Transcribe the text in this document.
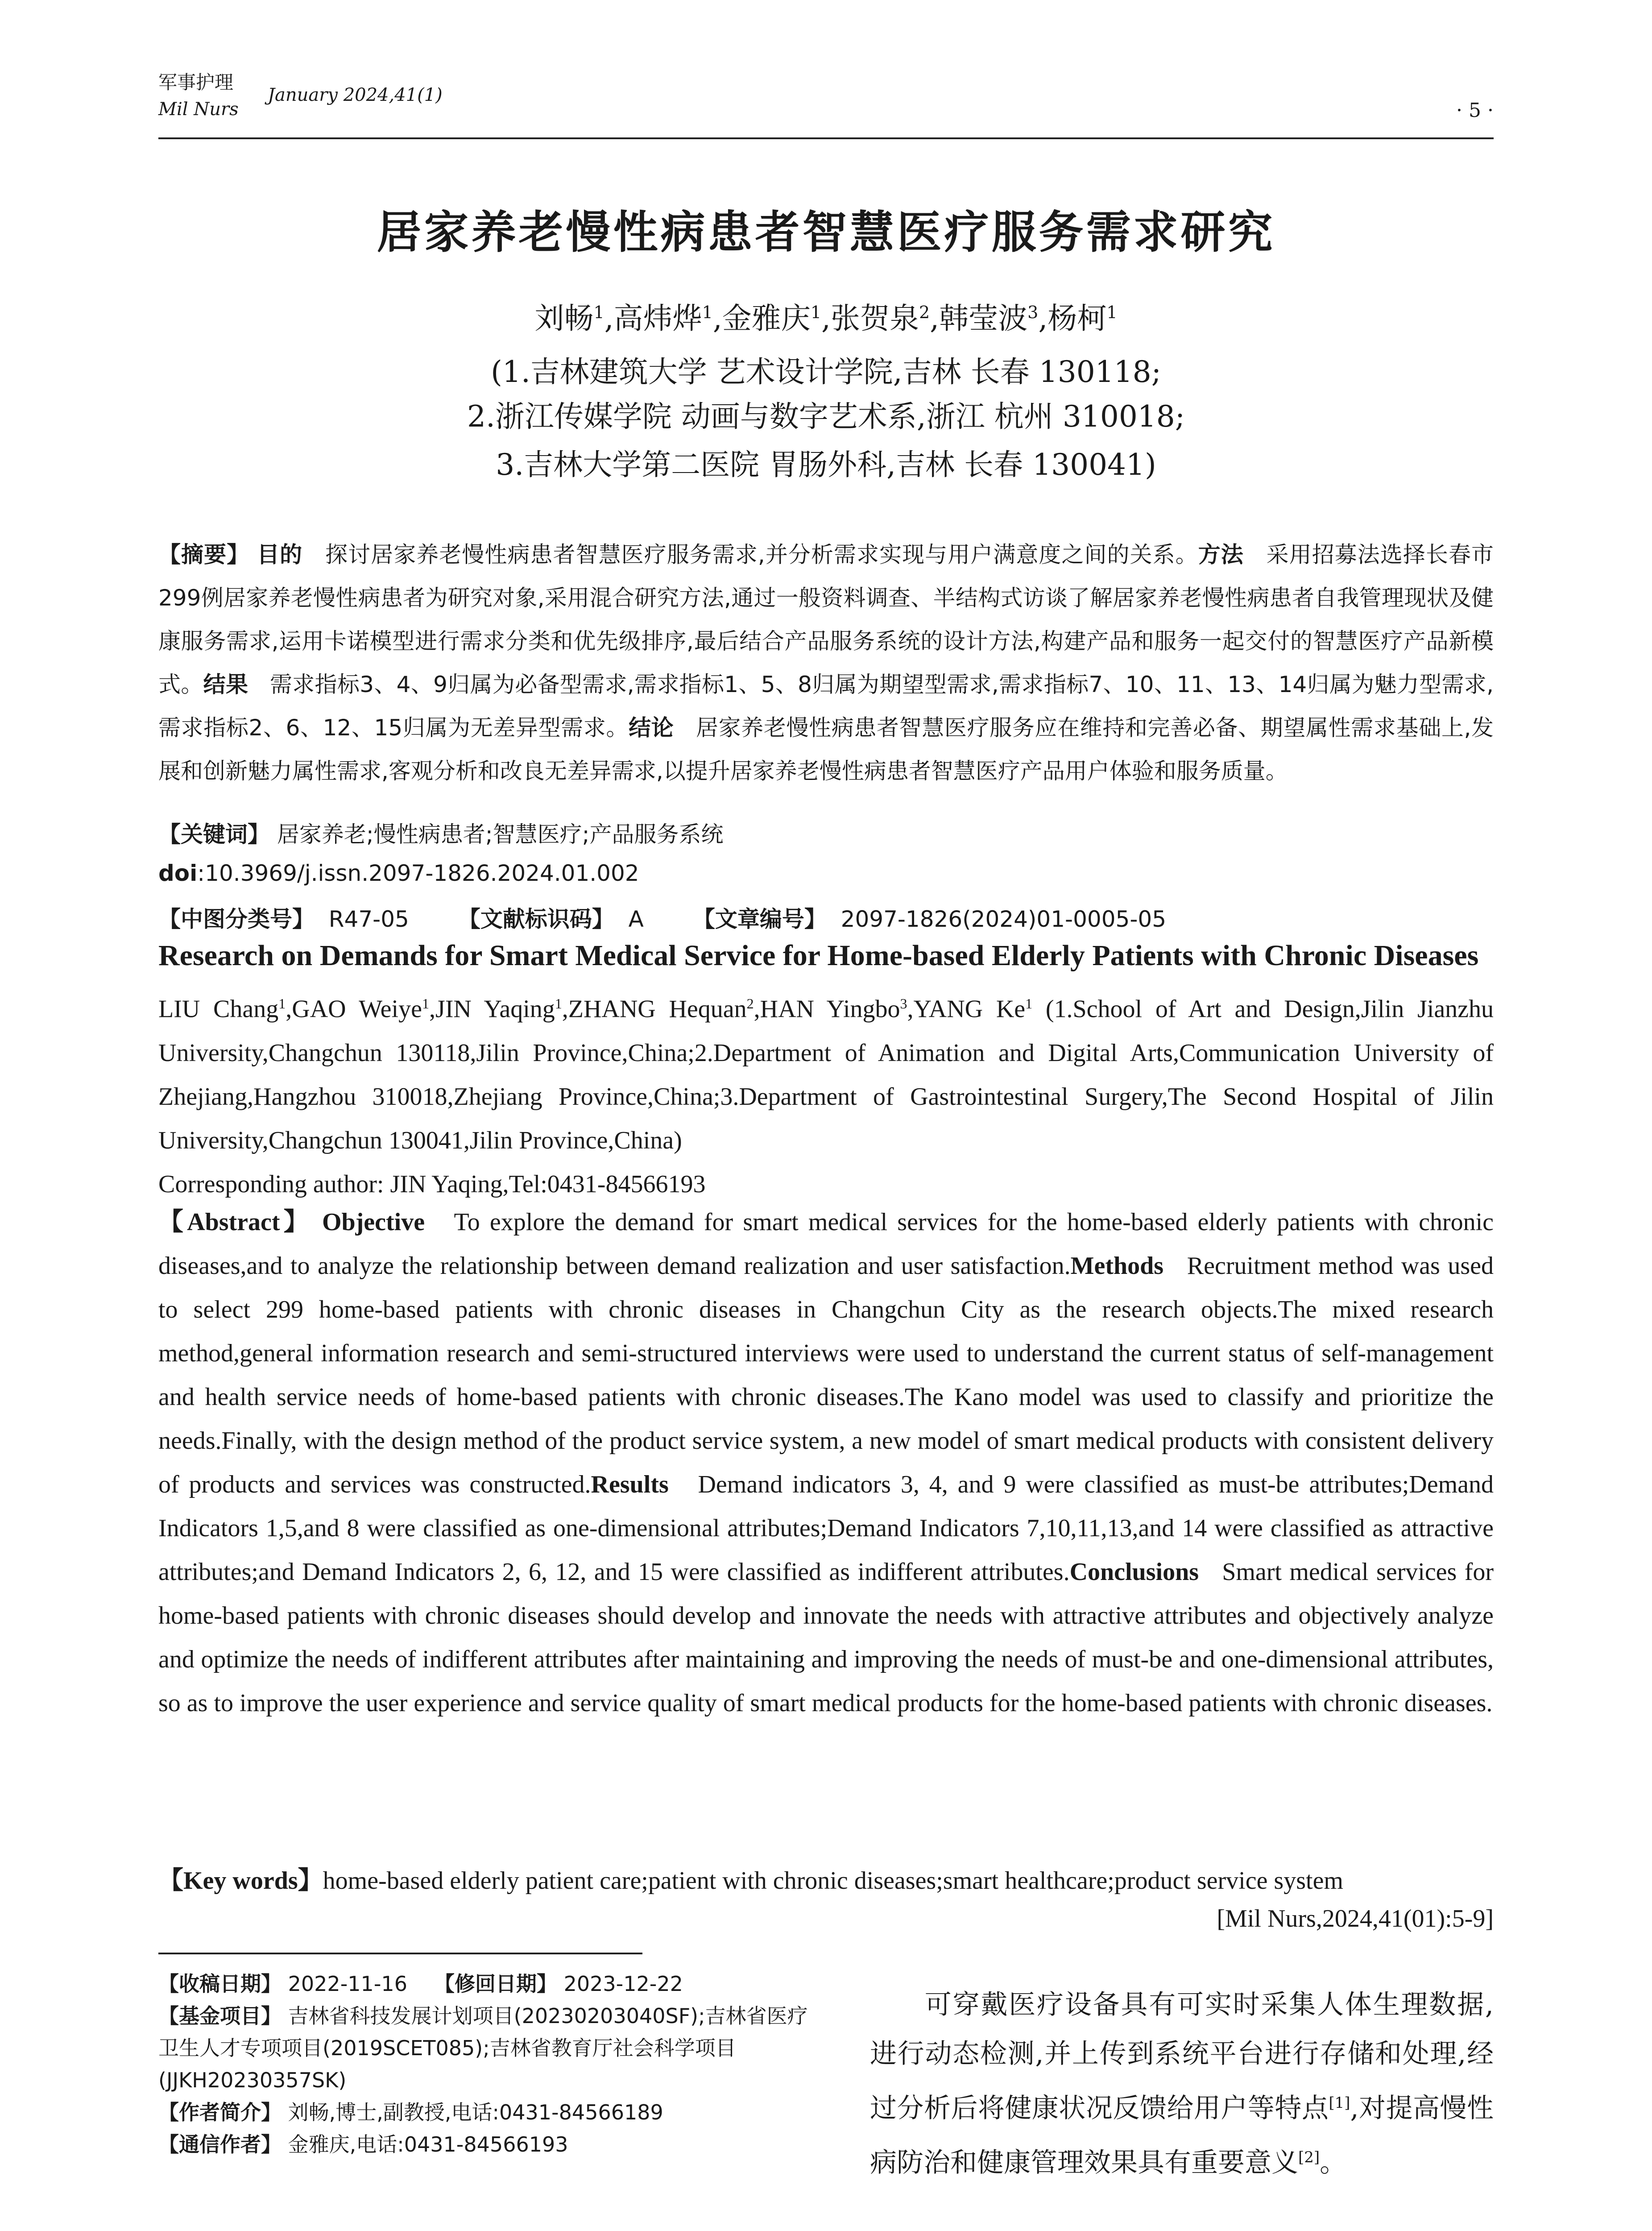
军事护理
Mil Nurs
January 2024,41(1)
· 5 ·
居家养老慢性病患者智慧医疗服务需求研究
刘畅$^1$,高炜烨$^1$,金雅庆$^1$,张贺泉$^2$,韩莹波$^3$,杨柯$^1$
(1.吉林建筑大学 艺术设计学院,吉林 长春 130118;
2.浙江传媒学院 动画与数字艺术系,浙江 杭州 310018;
3.吉林大学第二医院 胃肠外科,吉林 长春 130041)
【摘要】 目的 探讨居家养老慢性病患者智慧医疗服务需求,并分析需求实现与用户满意度之间的关系。方法 采用招募法选择长春市299例居家养老慢性病患者为研究对象,采用混合研究方法,通过一般资料调查、半结构式访谈了解居家养老慢性病患者自我管理现状及健康服务需求,运用卡诺模型进行需求分类和优先级排序,最后结合产品服务系统的设计方法,构建产品和服务一起交付的智慧医疗产品新模式。结果 需求指标3、4、9归属为必备型需求,需求指标1、5、8归属为期望型需求,需求指标7、10、11、13、14归属为魅力型需求,需求指标2、6、12、15归属为无差异型需求。结论 居家养老慢性病患者智慧医疗服务应在维持和完善必备、期望属性需求基础上,发展和创新魅力属性需求,客观分析和改良无差异需求,以提升居家养老慢性病患者智慧医疗产品用户体验和服务质量。
【关键词】 居家养老;慢性病患者;智慧医疗;产品服务系统
doi:10.3969/j.issn.2097-1826.2024.01.002
【中图分类号】 R47-05 【文献标识码】 A 【文章编号】 2097-1826(2024)01-0005-05
Research on Demands for Smart Medical Service for Home-based Elderly Patients with Chronic Diseases
LIU Chang$^1$,GAO Weiye$^1$,JIN Yaqing$^1$,ZHANG Hequan$^2$,HAN Yingbo$^3$,YANG Ke$^1$ (1.School of Art and Design,Jilin Jianzhu University,Changchun 130118,Jilin Province,China;2.Department of Animation and Digital Arts,Communication University of Zhejiang,Hangzhou 310018,Zhejiang Province,China;3.Department of Gastrointestinal Surgery,The Second Hospital of Jilin University,Changchun 130041,Jilin Province,China)
Corresponding author: JIN Yaqing,Tel:0431-84566193
【Abstract】 Objective To explore the demand for smart medical services for the home-based elderly patients with chronic diseases,and to analyze the relationship between demand realization and user satisfaction.Methods Recruitment method was used to select 299 home-based patients with chronic diseases in Changchun City as the research objects.The mixed research method,general information research and semi-structured interviews were used to understand the current status of self-management and health service needs of home-based patients with chronic diseases.The Kano model was used to classify and prioritize the needs.Finally, with the design method of the product service system, a new model of smart medical products with consistent delivery of products and services was constructed.Results Demand indicators 3, 4, and 9 were classified as must-be attributes;Demand Indicators 1,5,and 8 were classified as one-dimensional attributes;Demand Indicators 7,10,11,13,and 14 were classified as attractive attributes;and Demand Indicators 2, 6, 12, and 15 were classified as indifferent attributes.Conclusions Smart medical services for home-based patients with chronic diseases should develop and innovate the needs with attractive attributes and objectively analyze and optimize the needs of indifferent attributes after maintaining and improving the needs of must-be and one-dimensional attributes, so as to improve the user experience and service quality of smart medical products for the home-based patients with chronic diseases.
【Key words】home-based elderly patient care;patient with chronic diseases;smart healthcare;product service system
[Mil Nurs,2024,41(01):5-9]
【收稿日期】 2022-11-16 【修回日期】 2023-12-22
【基金项目】 吉林省科技发展计划项目(20230203040SF);吉林省医疗卫生人才专项项目(2019SCET085);吉林省教育厅社会科学项目(JJKH20230357SK)
【作者简介】 刘畅,博士,副教授,电话:0431-84566189
【通信作者】 金雅庆,电话:0431-84566193
  可穿戴医疗设备具有可实时采集人体生理数据,进行动态检测,并上传到系统平台进行存储和处理,经过分析后将健康状况反馈给用户等特点[1],对提高慢性病防治和健康管理效果具有重要意义[2]。
